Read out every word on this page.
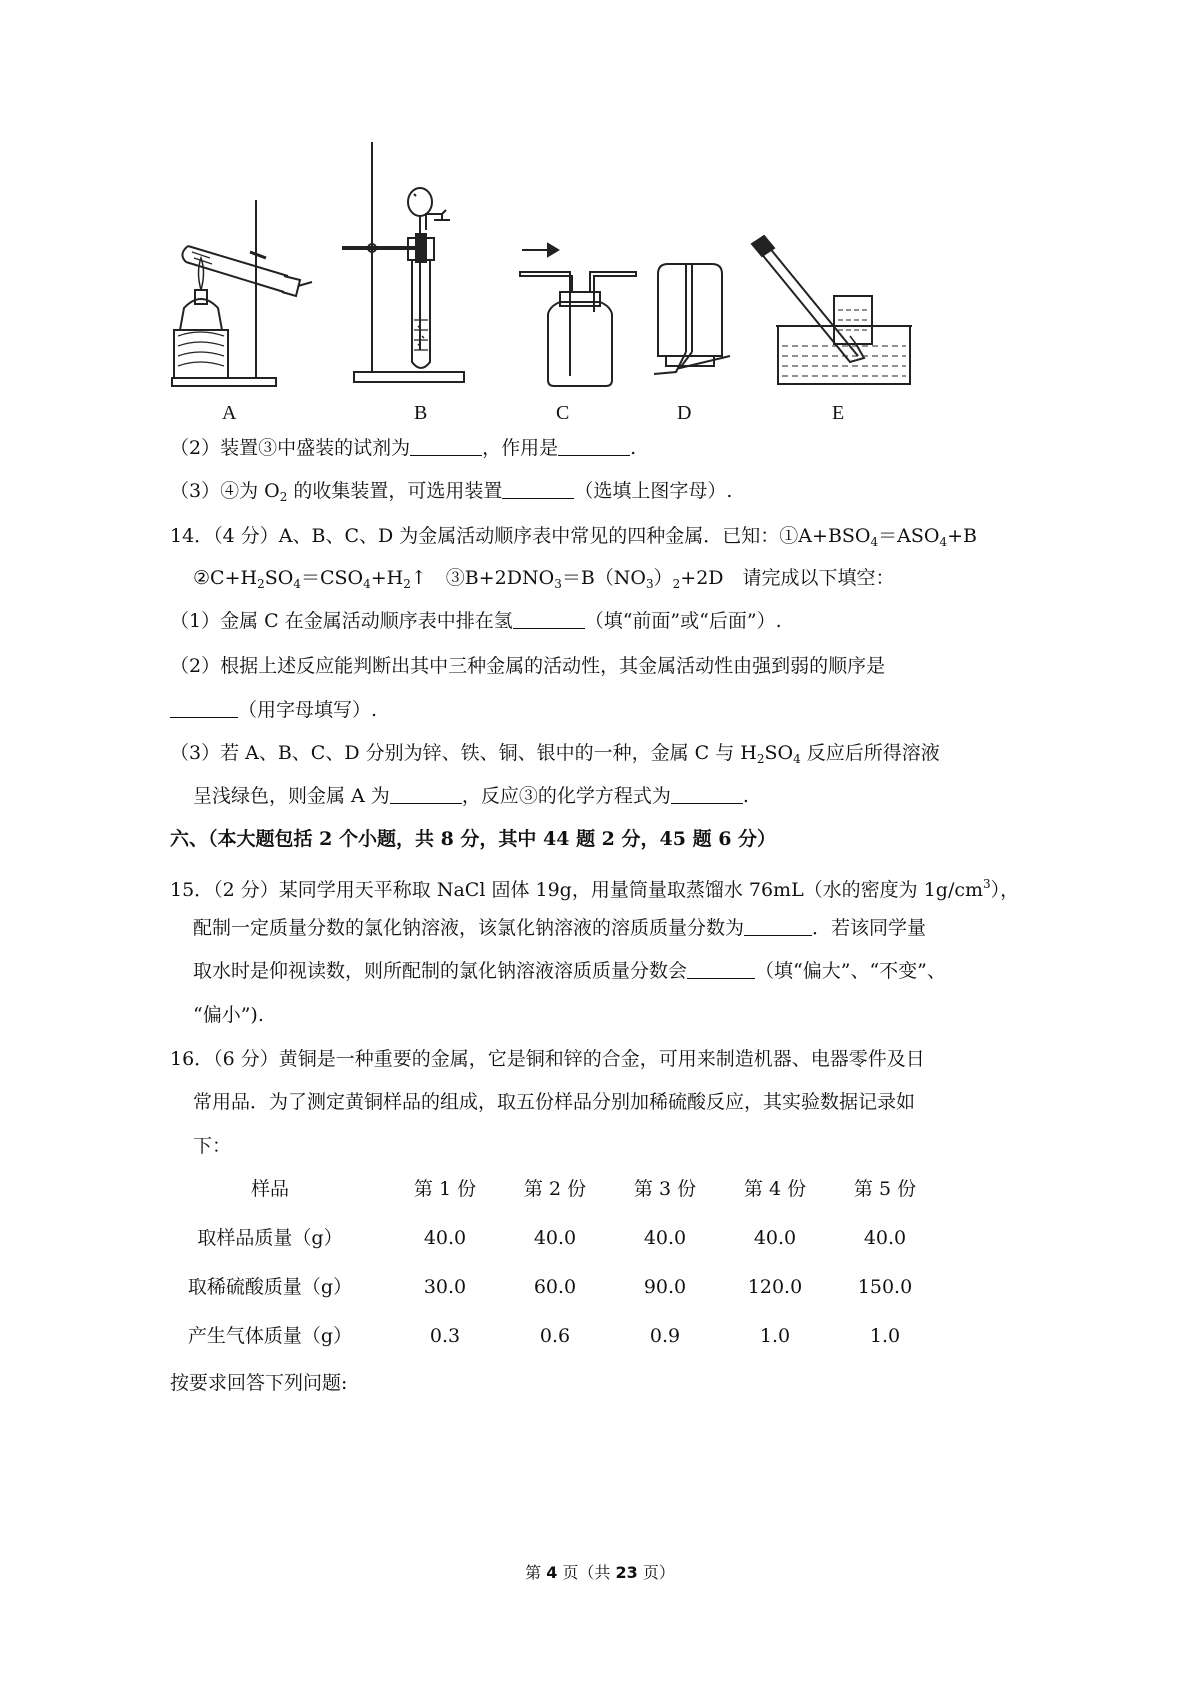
A	B	C	D	E
（2）装置③中盛装的试剂为	，作用是	.
（3）④为 $O_2$ 的收集装置，可选用装置	（选填上图字母）.
14．（4 分）A、B、C、D 为金属活动顺序表中常见的四种金属．已知：$①A+BSO_4=ASO_4+B$
$②C+H_2SO_4=CSO_4+H_2↑$　$③B+2DNO_3=B(NO_3)_2+2D$　请完成以下填空：
（1）金属 C 在金属活动顺序表中排在氢	（填“前面”或“后面”）.
（2）根据上述反应能判断出其中三种金属的活动性，其金属活动性由强到弱的顺序是
（用字母填写）.
（3）若 A、B、C、D 分别为锌、铁、铜、银中的一种，金属 C 与 $H_2SO_4$ 反应后所得溶液
呈浅绿色，则金属 A 为	，反应③的化学方程式为	.
六、（本大题包括 2 个小题，共 8 分，其中 44 题 2 分，45 题 6 分）
15．（2 分）某同学用天平称取 NaCl 固体 19g，用量筒量取蒸馏水 76mL（水的密度为 $1g/cm^3$），
配制一定质量分数的氯化钠溶液，该氯化钠溶液的溶质质量分数为	．若该同学量
取水时是仰视读数，则所配制的氯化钠溶液溶质质量分数会	（填“偏大”、“不变”、
“偏小”).
16．（6 分）黄铜是一种重要的金属，它是铜和锌的合金，可用来制造机器、电器零件及日
常用品．为了测定黄铜样品的组成，取五份样品分别加稀硫酸反应，其实验数据记录如
下：
样品	第 1 份	第 2 份	第 3 份	第 4 份	第 5 份
取样品质量（g）	40.0	40.0	40.0	40.0	40.0
取稀硫酸质量（g）	30.0	60.0	90.0	120.0	150.0
产生气体质量（g）	0.3	0.6	0.9	1.0	1.0
按要求回答下列问题:
第 4 页（共 23 页）
